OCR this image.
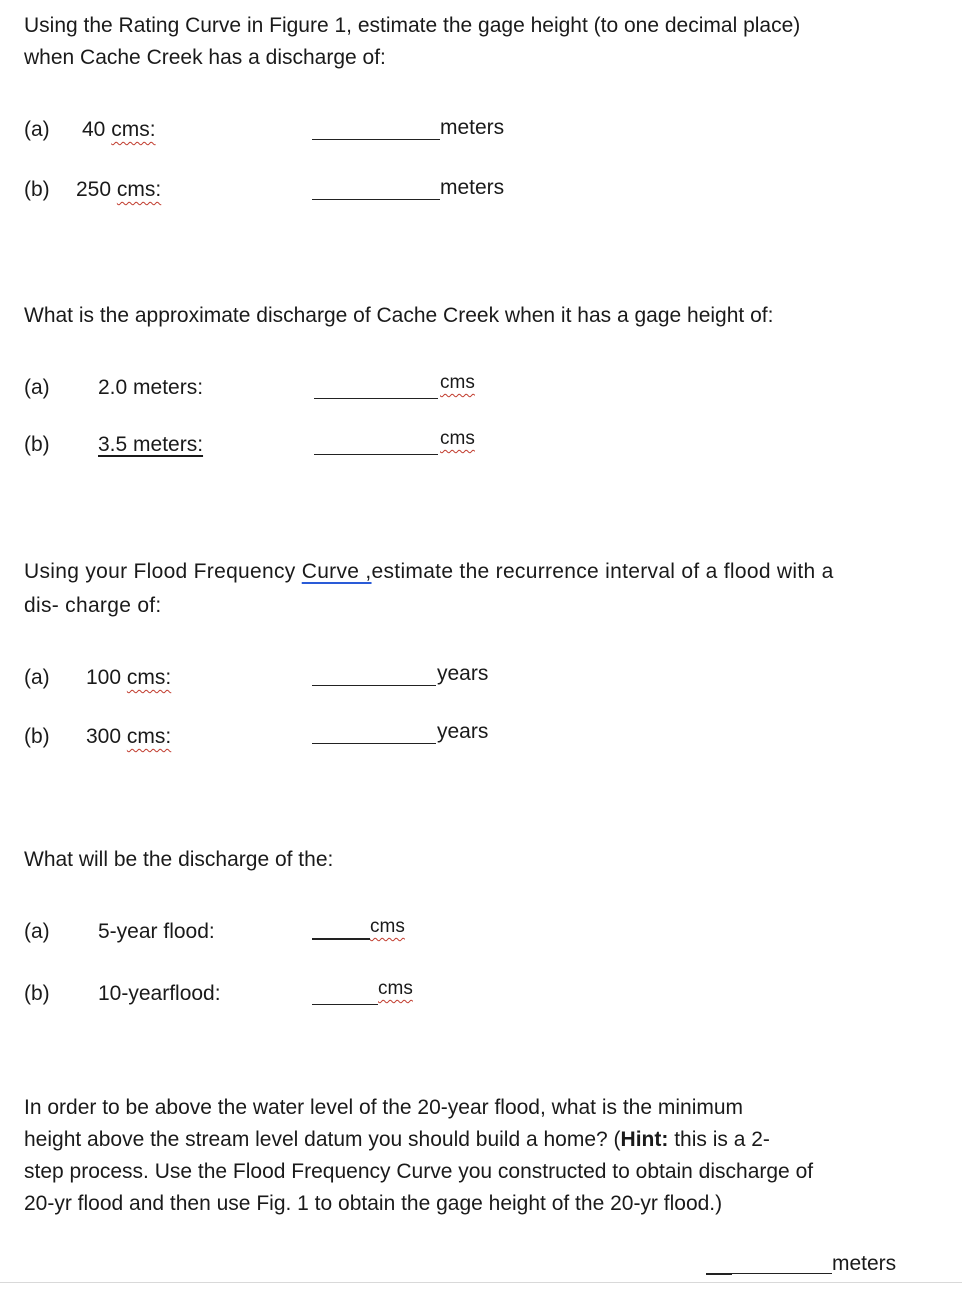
Using the Rating Curve in Figure 1, estimate the gage height (to one decimal place)
when Cache Creek has a discharge of:
(a) 40 cms:	meters
(b) 250 cms:	meters
What is the approximate discharge of Cache Creek when it has a gage height of:
(a) 2.0 meters:	cms
(b) 3.5 meters:	cms
Using your Flood Frequency Curve ,estimate the recurrence interval of a flood with a
dis- charge of:
(a) 100 cms:	years
(b) 300 cms:	years
What will be the discharge of the:
(a) 5-year flood:	cms
(b) 10-yearflood:	cms
In order to be above the water level of the 20-year flood, what is the minimum
height above the stream level datum you should build a home? (Hint: this is a 2-
step process. Use the Flood Frequency Curve you constructed to obtain discharge of
20-yr flood and then use Fig. 1 to obtain the gage height of the 20-yr flood.)
meters
